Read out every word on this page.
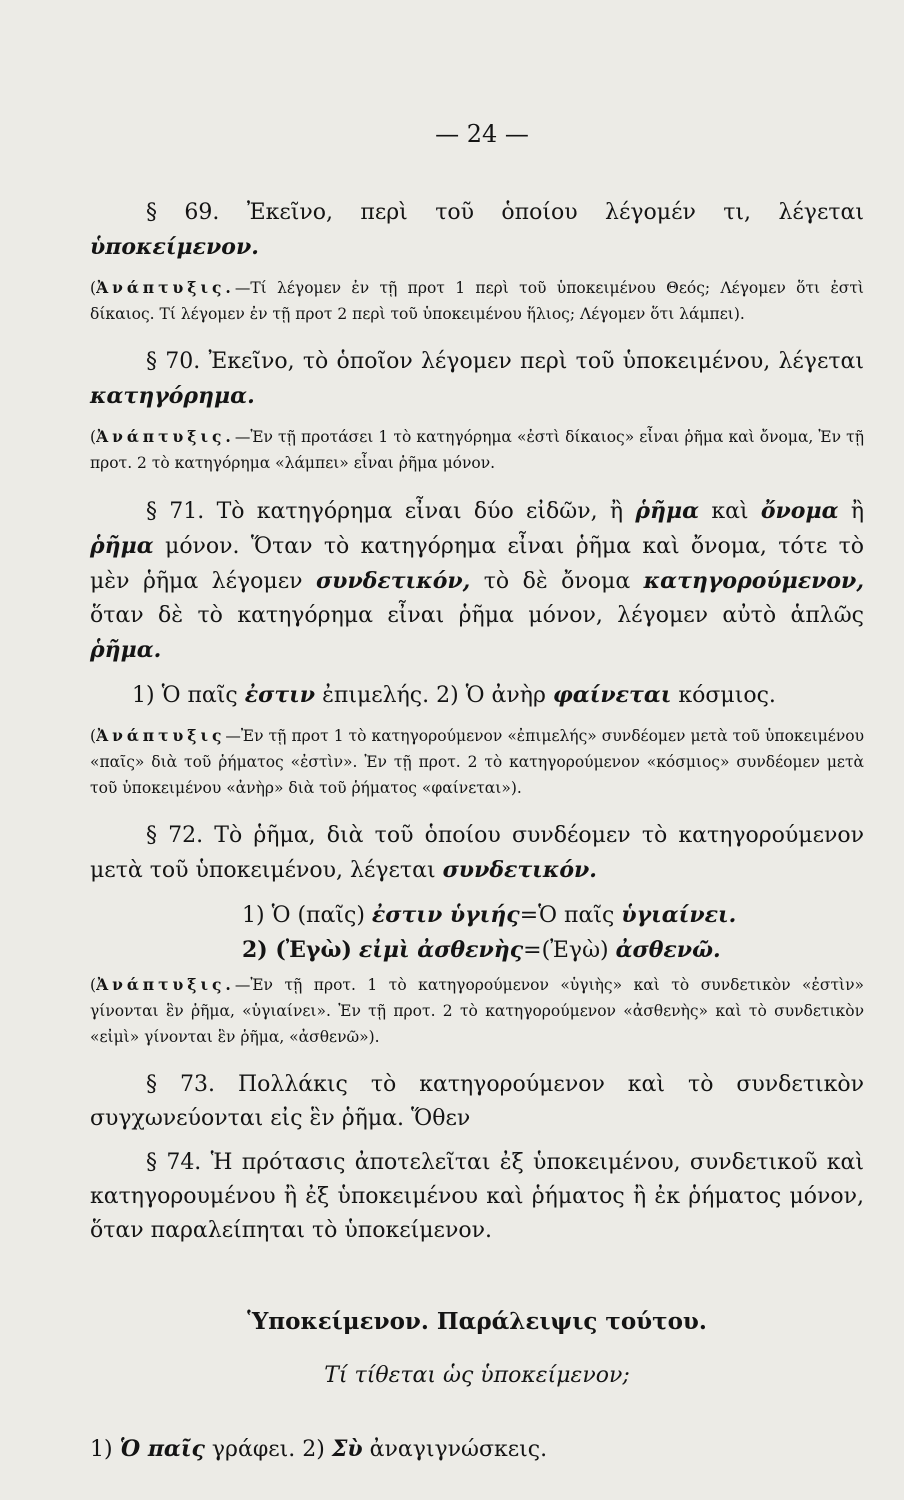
— 24 —

§ 69. Ἐκεῖνο, περὶ τοῦ ὁποίου λέγομέν τι, λέγεται ὑποκείμενον.

(Ἀνάπτυξις.—Τί λέγομεν ἐν τῇ προτ 1 περὶ τοῦ ὑποκειμένου Θεός; Λέγομεν ὅτι ἐστὶ δίκαιος. Τί λέγομεν ἐν τῇ προτ 2 περὶ τοῦ ὑποκειμένου ἥλιος; Λέγομεν ὅτι λάμπει).

§ 70. Ἐκεῖνο, τὸ ὁποῖον λέγομεν περὶ τοῦ ὑποκειμένου, λέγεται κατηγόρημα.

(Ἀνάπτυξις.—Ἐν τῇ προτάσει 1 τὸ κατηγόρημα «ἐστὶ δίκαιος» εἶναι ῥῆμα καὶ ὄνομα, Ἐν τῇ προτ. 2 τὸ κατηγόρημα «λάμπει» εἶναι ῥῆμα μόνον.

§ 71. Τὸ κατηγόρημα εἶναι δύο εἰδῶν, ἢ ῥῆμα καὶ ὄνομα ἢ ῥῆμα μόνον. Ὅταν τὸ κατηγόρημα εἶναι ῥῆμα καὶ ὄνομα, τότε τὸ μὲν ῥῆμα λέγομεν συνδετικόν, τὸ δὲ ὄνομα κατηγορούμενον, ὅταν δὲ τὸ κατηγόρημα εἶναι ῥῆμα μόνον, λέγομεν αὐτὸ ἁπλῶς ῥῆμα.

1) Ὁ παῖς ἐστιν ἐπιμελής. 2) Ὁ ἀνὴρ φαίνεται κόσμιος.

(Ἀνάπτυξις—Ἐν τῇ προτ 1 τὸ κατηγορούμενον «ἐπιμελής» συνδέομεν μετὰ τοῦ ὑποκειμένου «παῖς» διὰ τοῦ ῥήματος «ἐστὶν». Ἐν τῇ προτ. 2 τὸ κατηγορούμενον «κόσμιος» συνδέομεν μετὰ τοῦ ὑποκειμένου «ἀνὴρ» διὰ τοῦ ῥήματος «φαίνεται»).

§ 72. Τὸ ῥῆμα, διὰ τοῦ ὁποίου συνδέομεν τὸ κατηγορούμενον μετὰ τοῦ ὑποκειμένου, λέγεται συνδετικόν.

1) Ὁ (παῖς) ἐστιν ὑγιής=Ὁ παῖς ὑγιαίνει.

2) (Ἐγὼ) εἰμὶ ἀσθενὴς=(Ἐγὼ) ἀσθενῶ.

(Ἀνάπτυξις.—Ἐν τῇ προτ. 1 τὸ κατηγορούμενον «ὑγιὴς» καὶ τὸ συνδετικὸν «ἐστὶν» γίνονται ἓν ῥῆμα, «ὑγιαίνει». Ἐν τῇ προτ. 2 τὸ κατηγορούμενον «ἀσθενὴς» καὶ τὸ συνδετικὸν «εἰμὶ» γίνονται ἓν ῥῆμα, «ἀσθενῶ»).

§ 73. Πολλάκις τὸ κατηγορούμενον καὶ τὸ συνδετικὸν συγχωνεύονται εἰς ἓν ῥῆμα. Ὅθεν

§ 74. Ἡ πρότασις ἀποτελεῖται ἐξ ὑποκειμένου, συνδετικοῦ καὶ κατηγορουμένου ἢ ἐξ ὑποκειμένου καὶ ῥήματος ἢ ἐκ ῥήματος μόνον, ὅταν παραλείπηται τὸ ὑποκείμενον.

Ὑποκείμενον. Παράλειψις τούτου.
Τί τίθεται ὡς ὑποκείμενον;

1) Ὁ παῖς γράφει. 2) Σὺ ἀναγιγνώσκεις.
